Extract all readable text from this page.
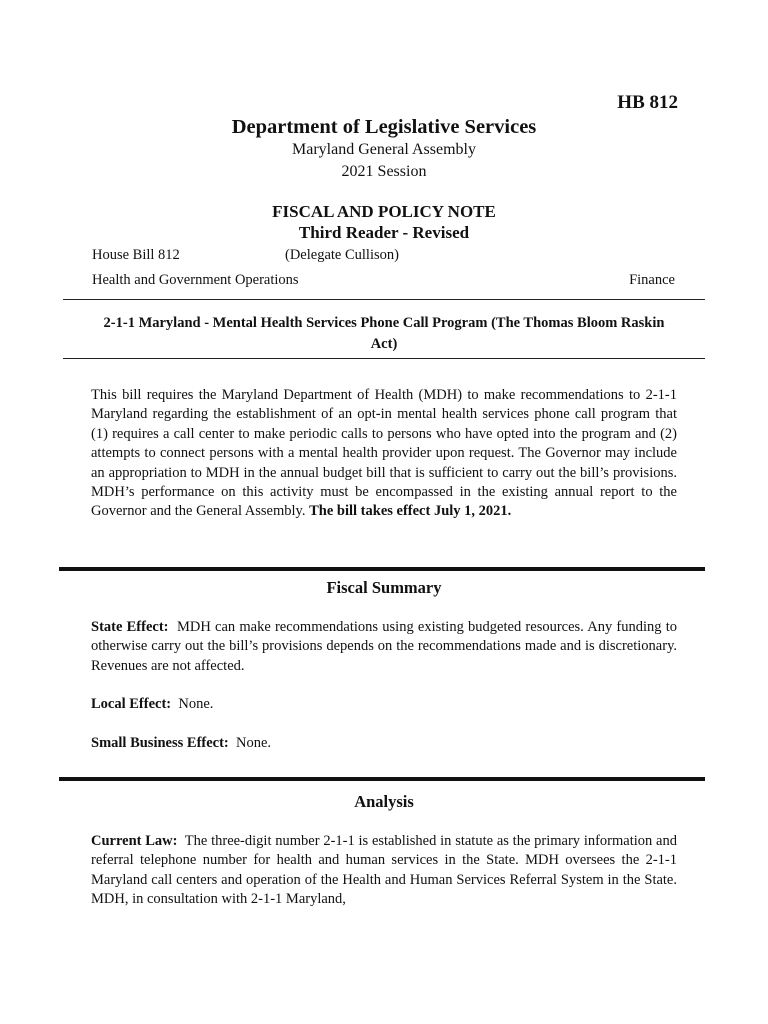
HB 812
Department of Legislative Services
Maryland General Assembly
2021 Session
FISCAL AND POLICY NOTE
Third Reader - Revised
House Bill 812	(Delegate Cullison)
Health and Government Operations	Finance
2-1-1 Maryland - Mental Health Services Phone Call Program (The Thomas Bloom Raskin Act)
This bill requires the Maryland Department of Health (MDH) to make recommendations to 2-1-1 Maryland regarding the establishment of an opt-in mental health services phone call program that (1) requires a call center to make periodic calls to persons who have opted into the program and (2) attempts to connect persons with a mental health provider upon request. The Governor may include an appropriation to MDH in the annual budget bill that is sufficient to carry out the bill’s provisions. MDH’s performance on this activity must be encompassed in the existing annual report to the Governor and the General Assembly. The bill takes effect July 1, 2021.
Fiscal Summary
State Effect: MDH can make recommendations using existing budgeted resources. Any funding to otherwise carry out the bill’s provisions depends on the recommendations made and is discretionary. Revenues are not affected.
Local Effect: None.
Small Business Effect: None.
Analysis
Current Law: The three-digit number 2-1-1 is established in statute as the primary information and referral telephone number for health and human services in the State. MDH oversees the 2-1-1 Maryland call centers and operation of the Health and Human Services Referral System in the State. MDH, in consultation with 2-1-1 Maryland,
